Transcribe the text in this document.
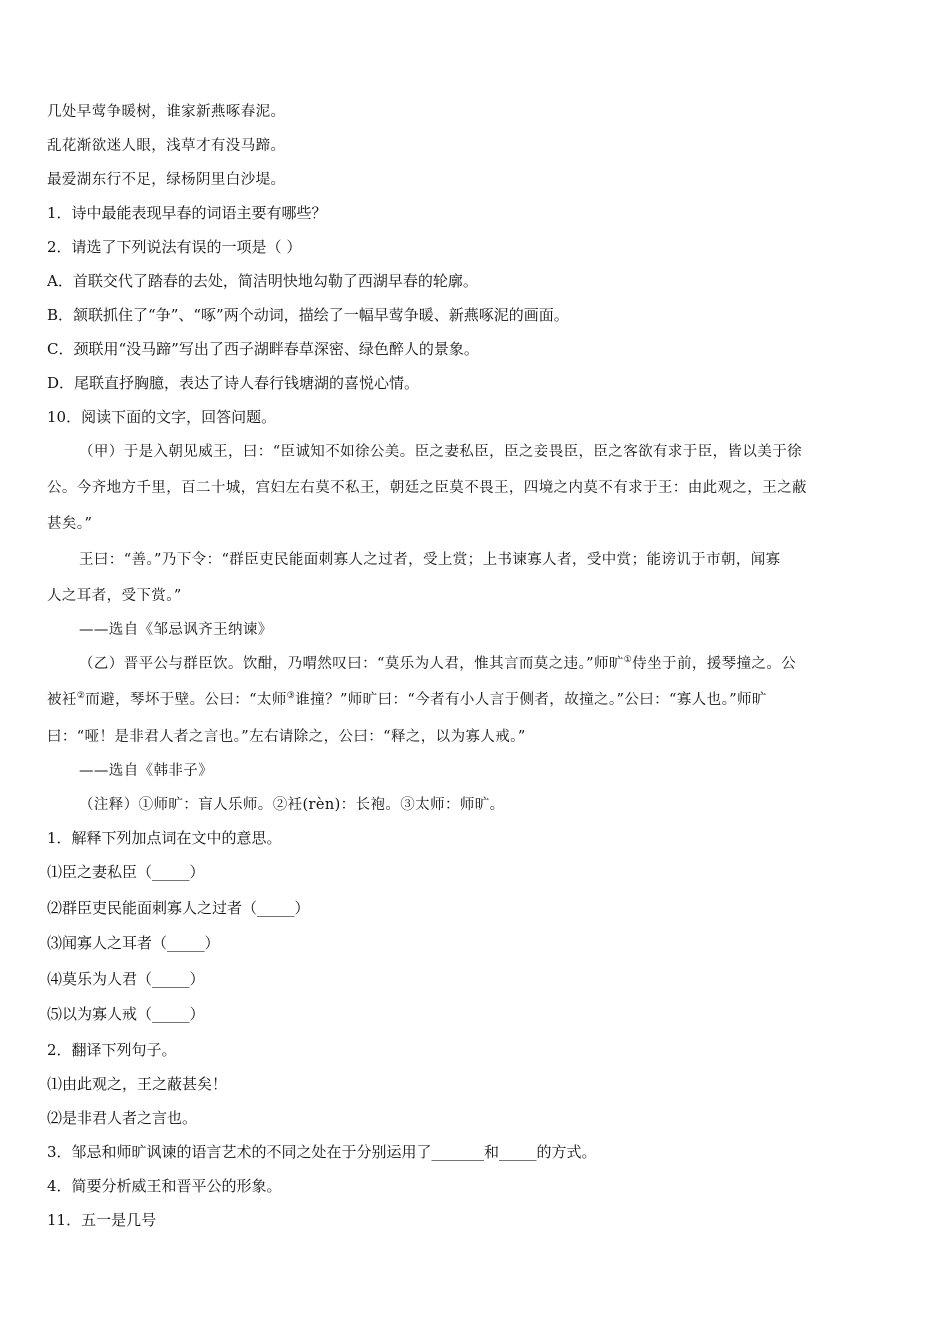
几处早莺争暖树，谁家新燕啄春泥。
乱花渐欲迷人眼，浅草才有没马蹄。
最爱湖东行不足，绿杨阴里白沙堤。
1．诗中最能表现早春的词语主要有哪些？
2．请选了下列说法有误的一项是（ ）
A．首联交代了踏春的去处，简洁明快地勾勒了西湖早春的轮廓。
B．颔联抓住了“争”、“啄”两个动词，描绘了一幅早莺争暖、新燕啄泥的画面。
C．颈联用“没马蹄”写出了西子湖畔春草深密、绿色醉人的景象。
D．尾联直抒胸臆，表达了诗人春行钱塘湖的喜悦心情。
10．阅读下面的文字，回答问题。
（甲）于是入朝见威王，曰：“臣诚知不如徐公美。臣之妻私臣，臣之妾畏臣，臣之客欲有求于臣，皆以美于徐
公。今齐地方千里，百二十城，宫妇左右莫不私王，朝廷之臣莫不畏王，四境之内莫不有求于王：由此观之，王之蔽
甚矣。”
王曰：“善。”乃下令：“群臣吏民能面刺寡人之过者，受上赏；上书谏寡人者，受中赏；能谤讥于市朝，闻寡
人之耳者，受下赏。”
——选自《邹忌讽齐王纳谏》
（乙）晋平公与群臣饮。饮酣，乃喟然叹曰：“莫乐为人君，惟其言而莫之违。”师旷①侍坐于前，援琴撞之。公
被衽②而避，琴坏于壁。公曰：“太师③谁撞？”师旷曰：“今者有小人言于侧者，故撞之。”公曰：“寡人也。”师旷
曰：“哑！是非君人者之言也。”左右请除之，公曰：“释之，以为寡人戒。”
——选自《韩非子》
（注释）①师旷：盲人乐师。②衽(rèn)：长袍。③太师：师旷。
1．解释下列加点词在文中的意思。
⑴臣之妻私臣（_____）
⑵群臣吏民能面刺寡人之过者（_____）
⑶闻寡人之耳者（_____）
⑷莫乐为人君（_____）
⑸以为寡人戒（_____）
2．翻译下列句子。
⑴由此观之，王之蔽甚矣！
⑵是非君人者之言也。
3．邹忌和师旷讽谏的语言艺术的不同之处在于分别运用了_______和_____的方式。
4．简要分析威王和晋平公的形象。
11．五一是几号
